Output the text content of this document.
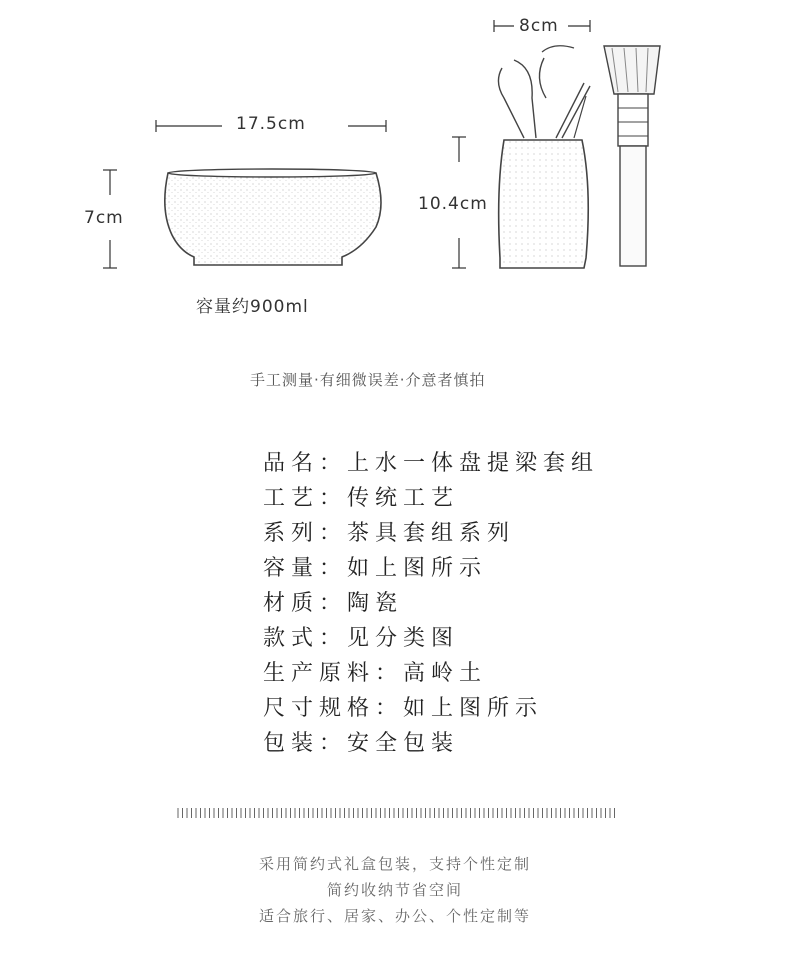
17.5cm
7cm
容量约900ml
8cm
10.4cm
手工测量·有细微误差·介意者慎拍
品名：上水一体盘提梁套组
工艺：传统工艺
系列：茶具套组系列
容量：如上图所示
材质：陶瓷
款式：见分类图
生产原料：高岭土
尺寸规格：如上图所示
包装：安全包装
采用简约式礼盒包装，支持个性定制
简约收纳节省空间
适合旅行、居家、办公、个性定制等
